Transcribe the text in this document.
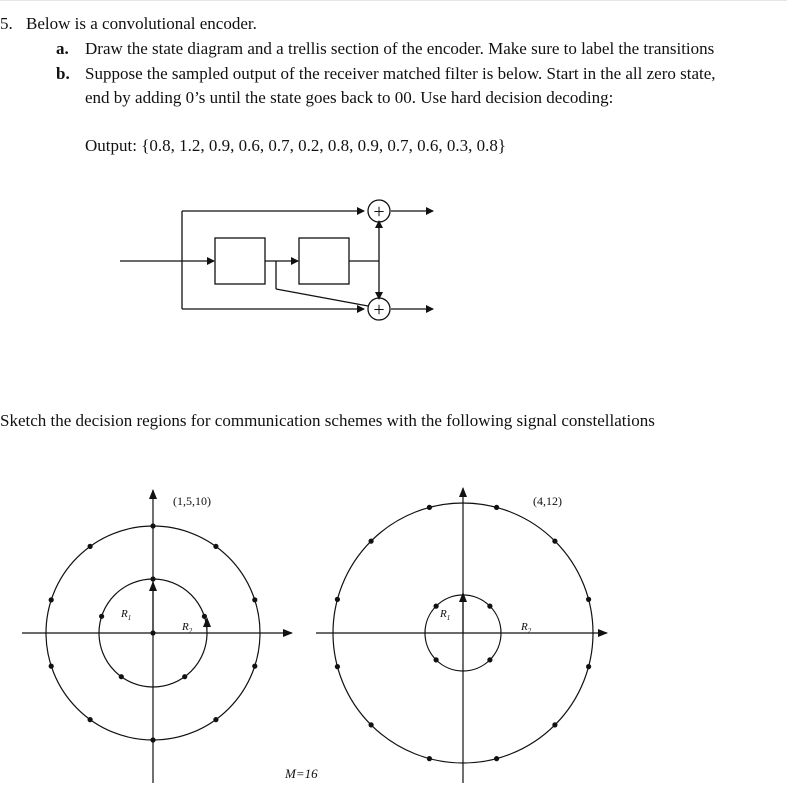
5. Below is a convolutional encoder.
a. Draw the state diagram and a trellis section of the encoder. Make sure to label the transitions
b. Suppose the sampled output of the receiver matched filter is below. Start in the all zero state,
end by adding 0’s until the state goes back to 00. Use hard decision decoding:
Output: {0.8, 1.2, 0.9, 0.6, 0.7, 0.2, 0.8, 0.9, 0.7, 0.6, 0.3, 0.8}
+
+
Sketch the decision regions for communication schemes with the following signal constellations
(1,5,10)	(4,12)
$R_1$
$R_2$
$R_1$
$R_2$
M=16
